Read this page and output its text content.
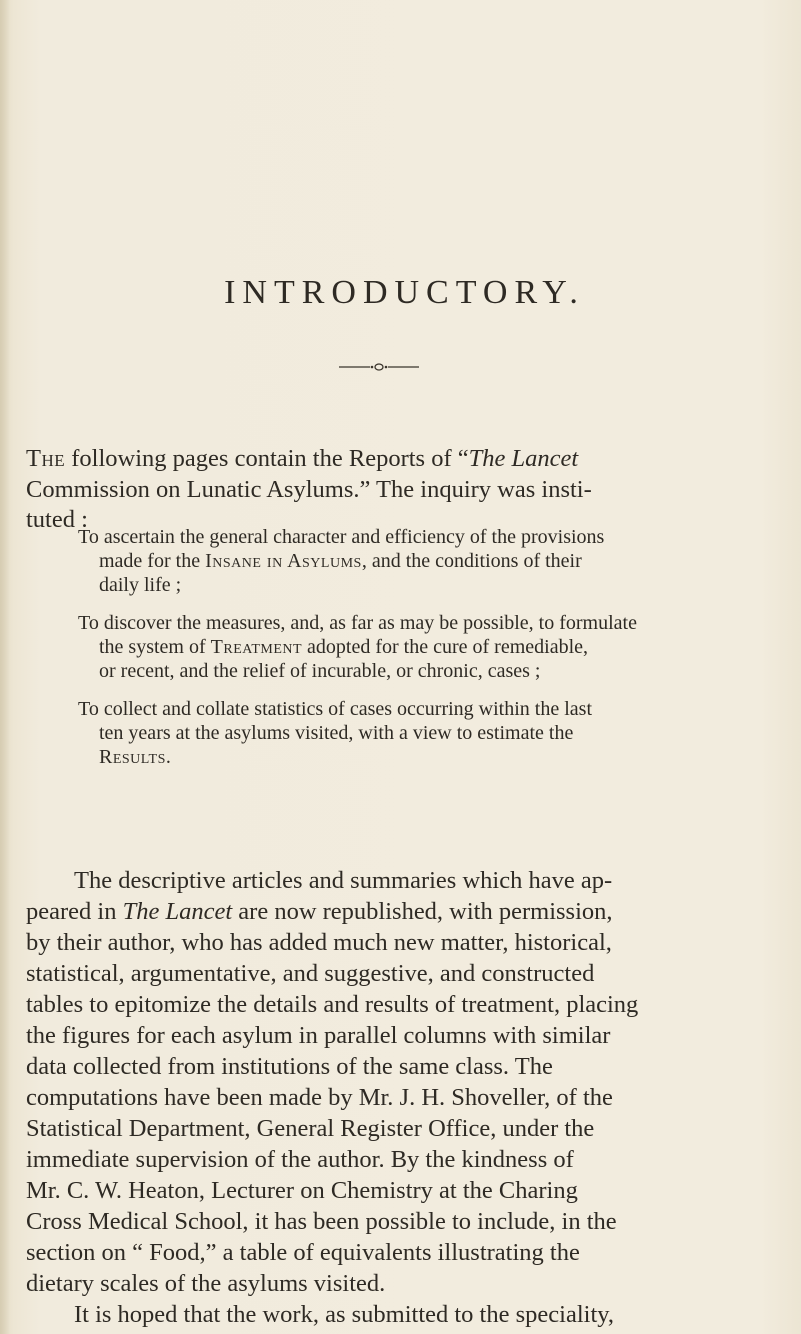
INTRODUCTORY.

The following pages contain the Reports of “The Lancet
Commission on Lunatic Asylums.” The inquiry was insti-
tuted :

To ascertain the general character and efficiency of the provisions
made for the Insane in Asylums, and the conditions of their
daily life ;

To discover the measures, and, as far as may be possible, to formulate
the system of Treatment adopted for the cure of remediable,
or recent, and the relief of incurable, or chronic, cases ;

To collect and collate statistics of cases occurring within the last
ten years at the asylums visited, with a view to estimate the
Results.

The descriptive articles and summaries which have ap-
peared in The Lancet are now republished, with permission,
by their author, who has added much new matter, historical,
statistical, argumentative, and suggestive, and constructed
tables to epitomize the details and results of treatment, placing
the figures for each asylum in parallel columns with similar
data collected from institutions of the same class. The
computations have been made by Mr. J. H. Shoveller, of the
Statistical Department, General Register Office, under the
immediate supervision of the author. By the kindness of
Mr. C. W. Heaton, Lecturer on Chemistry at the Charing
Cross Medical School, it has been possible to include, in the
section on “ Food,” a table of equivalents illustrating the
dietary scales of the asylums visited.
It is hoped that the work, as submitted to the speciality,
